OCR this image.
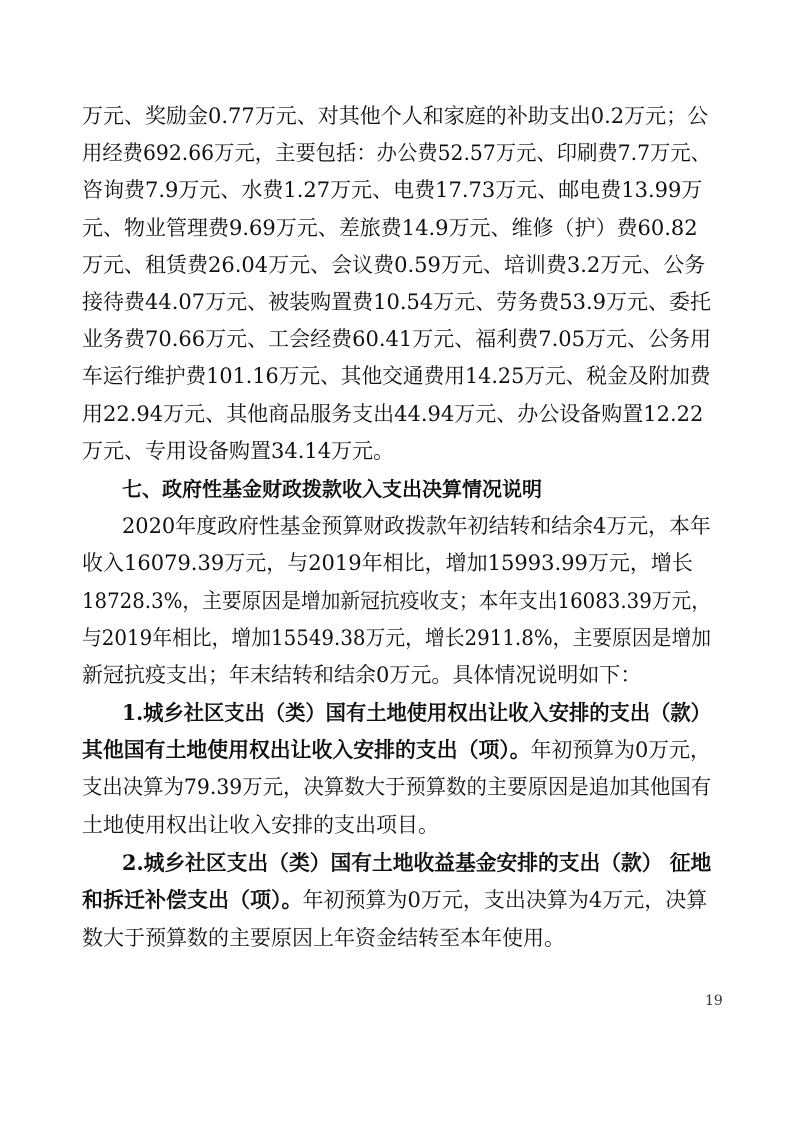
万元、奖励金0.77万元、对其他个人和家庭的补助支出0.2万元；公
用经费692.66万元，主要包括：办公费52.57万元、印刷费7.7万元、
咨询费7.9万元、水费1.27万元、电费17.73万元、邮电费13.99万
元、物业管理费9.69万元、差旅费14.9万元、维修（护）费60.82
万元、租赁费26.04万元、会议费0.59万元、培训费3.2万元、公务
接待费44.07万元、被装购置费10.54万元、劳务费53.9万元、委托
业务费70.66万元、工会经费60.41万元、福利费7.05万元、公务用
车运行维护费101.16万元、其他交通费用14.25万元、税金及附加费
用22.94万元、其他商品服务支出44.94万元、办公设备购置12.22
万元、专用设备购置34.14万元。
七、政府性基金财政拨款收入支出决算情况说明
2020年度政府性基金预算财政拨款年初结转和结余4万元，本年
收入16079.39万元，与2019年相比，增加15993.99万元，增长
18728.3%，主要原因是增加新冠抗疫收支；本年支出16083.39万元，
与2019年相比，增加15549.38万元，增长2911.8%，主要原因是增加
新冠抗疫支出；年末结转和结余0万元。具体情况说明如下：
1.城乡社区支出（类）国有土地使用权出让收入安排的支出（款）
其他国有土地使用权出让收入安排的支出（项）。年初预算为0万元，
支出决算为79.39万元，决算数大于预算数的主要原因是追加其他国有
土地使用权出让收入安排的支出项目。
2.城乡社区支出（类）国有土地收益基金安排的支出（款） 征地
和拆迁补偿支出（项）。年初预算为0万元，支出决算为4万元，决算
数大于预算数的主要原因上年资金结转至本年使用。
19
